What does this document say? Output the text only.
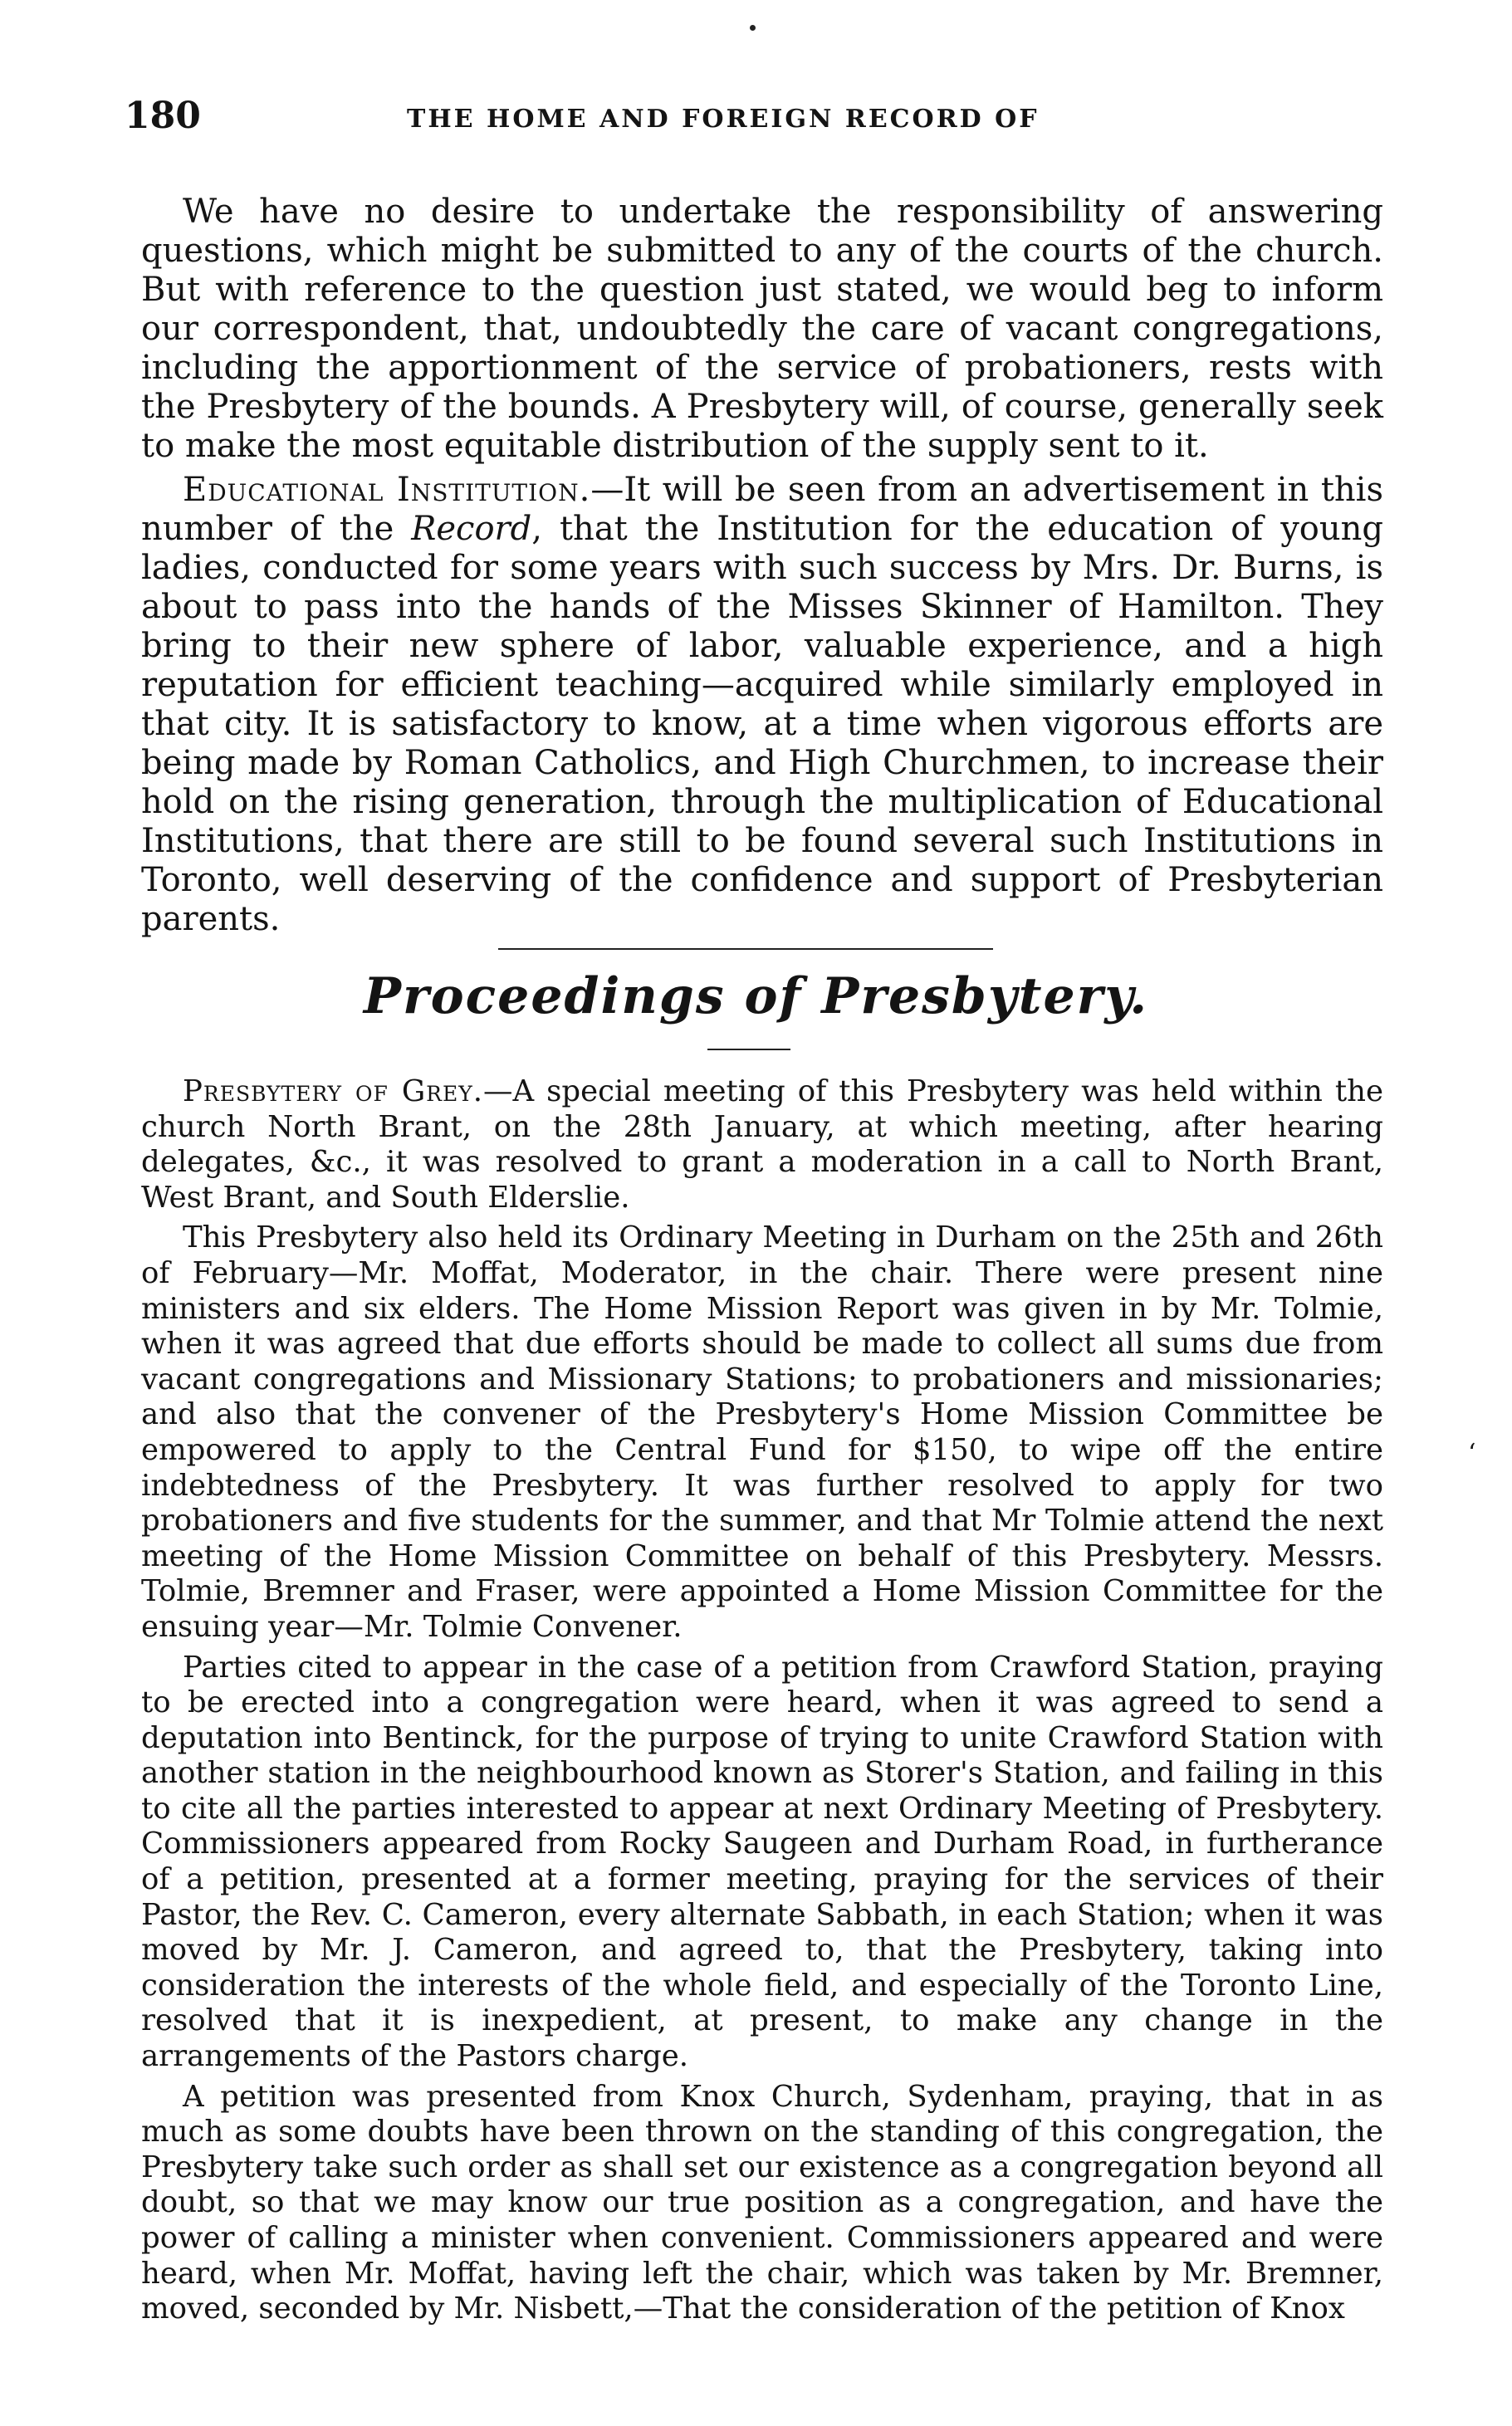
‘
180	THE HOME AND FOREIGN RECORD OF

We have no desire to undertake the responsibility of answering questions, which might be submitted to any of the courts of the church. But with reference to the question just stated, we would beg to inform our correspondent, that, undoubtedly the care of vacant congregations, including the apportionment of the service of probationers, rests with the Presbytery of the bounds. A Presbytery will, of course, generally seek to make the most equitable distribution of the supply sent to it.

Educational Institution.—It will be seen from an advertisement in this number of the Record, that the Institution for the education of young ladies, conducted for some years with such success by Mrs. Dr. Burns, is about to pass into the hands of the Misses Skinner of Hamilton. They bring to their new sphere of labor, valuable experience, and a high reputation for efficient teaching—acquired while similarly employed in that city. It is satisfactory to know, at a time when vigorous efforts are being made by Roman Catholics, and High Churchmen, to increase their hold on the rising generation, through the multiplication of Educational Institutions, that there are still to be found several such Institutions in Toronto, well deserving of the confidence and support of Presbyterian parents.

Proceedings of Presbytery.

Presbytery of Grey.—A special meeting of this Presbytery was held within the church North Brant, on the 28th January, at which meeting, after hearing delegates, &c., it was resolved to grant a moderation in a call to North Brant, West Brant, and South Elderslie.

This Presbytery also held its Ordinary Meeting in Durham on the 25th and 26th of February—Mr. Moffat, Moderator, in the chair. There were present nine ministers and six elders. The Home Mission Report was given in by Mr. Tolmie, when it was agreed that due efforts should be made to collect all sums due from vacant congregations and Missionary Stations; to probationers and missionaries; and also that the convener of the Presbytery's Home Mission Committee be empowered to apply to the Central Fund for $150, to wipe off the entire indebtedness of the Presbytery. It was further resolved to apply for two probationers and five students for the summer, and that Mr Tolmie attend the next meeting of the Home Mission Committee on behalf of this Presbytery. Messrs. Tolmie, Bremner and Fraser, were appointed a Home Mission Committee for the ensuing year—Mr. Tolmie Convener.

Parties cited to appear in the case of a petition from Crawford Station, praying to be erected into a congregation were heard, when it was agreed to send a deputation into Bentinck, for the purpose of trying to unite Crawford Station with another station in the neighbourhood known as Storer's Station, and failing in this to cite all the parties interested to appear at next Ordinary Meeting of Presbytery. Commissioners appeared from Rocky Saugeen and Durham Road, in furtherance of a petition, presented at a former meeting, praying for the services of their Pastor, the Rev. C. Cameron, every alternate Sabbath, in each Station; when it was moved by Mr. J. Cameron, and agreed to, that the Presbytery, taking into consideration the interests of the whole field, and especially of the Toronto Line, resolved that it is inexpedient, at present, to make any change in the arrangements of the Pastors charge.

A petition was presented from Knox Church, Sydenham, praying, that in as much as some doubts have been thrown on the standing of this congregation, the Presbytery take such order as shall set our existence as a congregation beyond all doubt, so that we may know our true position as a congregation, and have the power of calling a minister when convenient. Commissioners appeared and were heard, when Mr. Moffat, having left the chair, which was taken by Mr. Bremner, moved, seconded by Mr. Nisbett,—That the consideration of the petition of Knox
